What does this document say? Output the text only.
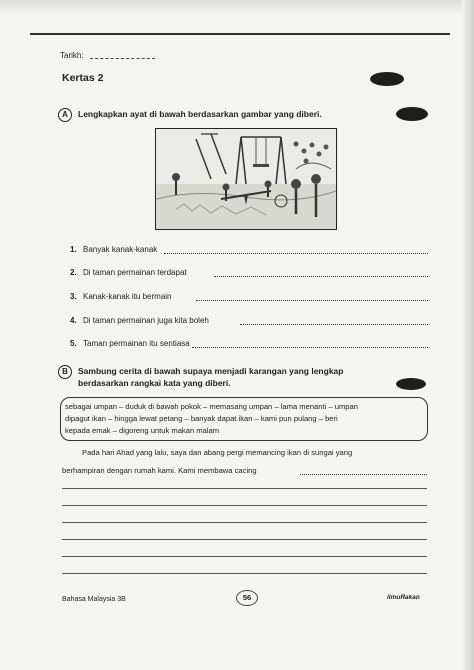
Tarikh:
Kertas 2
A	Lengkapkan ayat di bawah berdasarkan gambar yang diberi.
1. Banyak kanak-kanak
2. Di taman permainan terdapat
3. Kanak-kanak itu bermain
4. Di taman permainan juga kita boleh
5. Taman permainan itu sentiasa
B	Sambung cerita di bawah supaya menjadi karangan yang lengkap
berdasarkan rangkai kata yang diberi.
sebagai umpan – duduk di bawah pokok – memasang umpan – lama menanti – umpan
dipagut ikan – hingga lewat petang – banyak dapat ikan – kami pun pulang – beri
kepada emak – digoreng untuk makan malam
Pada hari Ahad yang lalu, saya dan abang pergi memancing ikan di sungai yang
berhampiran dengan rumah kami. Kami membawa cacing
Bahasa Malaysia 3B	56	ilmuRakan
